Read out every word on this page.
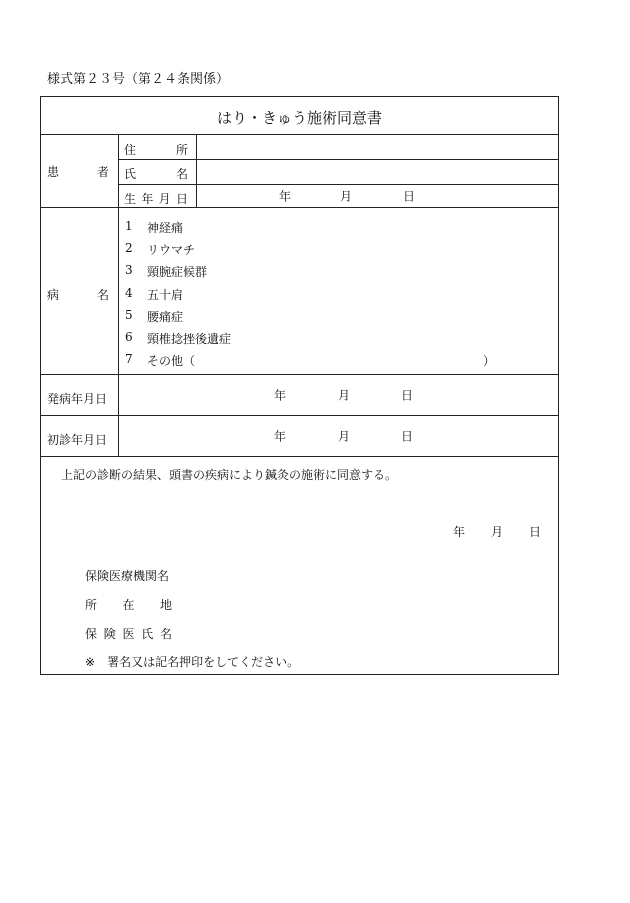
様式第２３号（第２４条関係）
はり・きゅう施術同意書
患	者
住	所
氏	名
生 年 月 日	年	月	日
病	名
1	神経痛
2	リウマチ
3	頸腕症候群
4	五十肩
5	腰痛症
6	頸椎捻挫後遺症
7	その他（	）
発病年月日	年	月	日
初診年月日	年	月	日
上記の診断の結果、頭書の疾病により鍼灸の施術に同意する。
年 月 日
保険医療機関名
所 在 地
保 険 医 氏 名
※ 署名又は記名押印をしてください。
